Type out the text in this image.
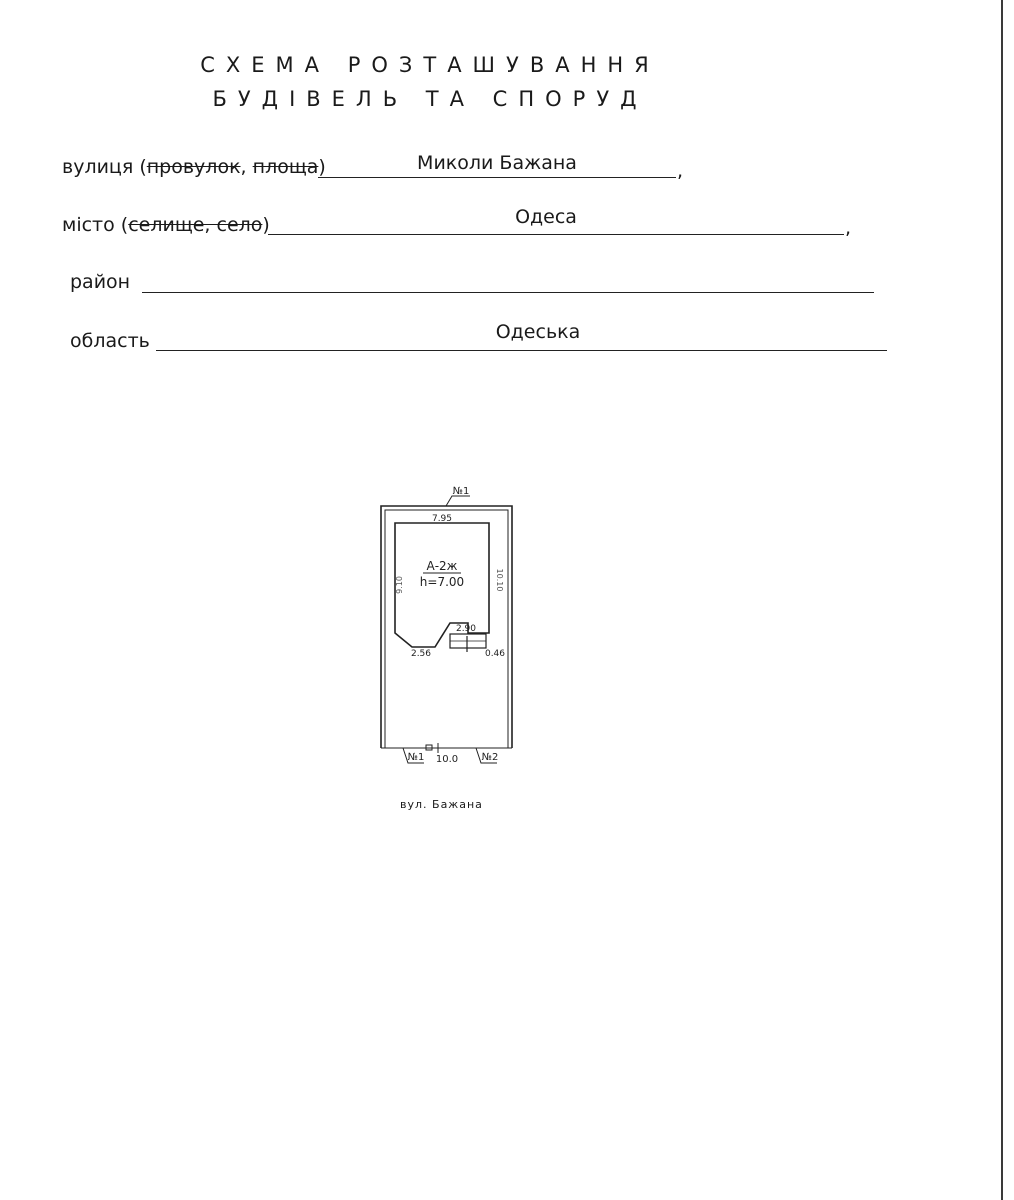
СХЕМА РОЗТАШУВАННЯ
БУДІВЕЛЬ ТА СПОРУД
вулиця (провулок, площа)	Миколи Бажана	,
місто (селище, село)	Одеса	,
район
область	Одеська
№1
7.95
9.10	10.10
2.90
2.56	0.46
А-2ж
h=7.00
№1 10.0 №2
вул. Бажана
